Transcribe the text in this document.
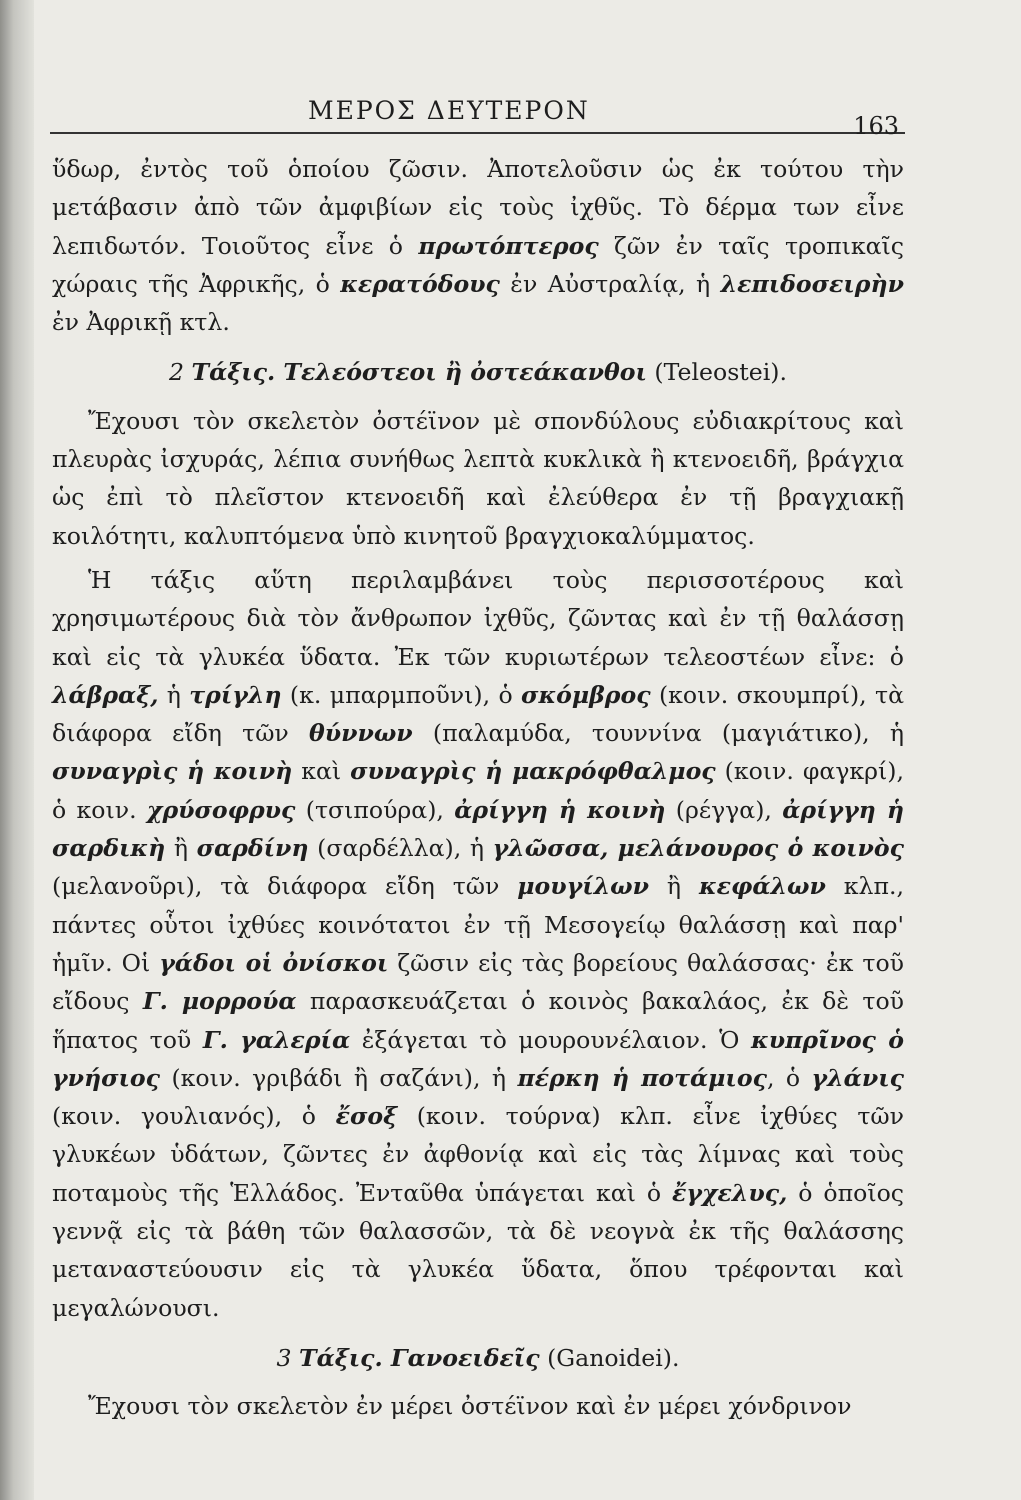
ΜΕΡΟΣ ΔΕΥΤΕΡΟΝ
163

ὕδωρ, ἐντὸς τοῦ ὁποίου ζῶσιν. Ἀποτελοῦσιν ὡς ἐκ τούτου τὴν μετάβασιν ἀπὸ τῶν ἀμφιβίων εἰς τοὺς ἰχθῦς. Τὸ δέρμα των εἶνε λεπιδωτόν. Τοιοῦτος εἶνε ὁ πρωτόπτερος ζῶν ἐν ταῖς τροπικαῖς χώραις τῆς Ἀφρικῆς, ὁ κερατόδους ἐν Αὐστραλίᾳ, ἡ λεπιδοσειρὴν ἐν Ἀφρικῇ κτλ.

2 Τάξις. Τελεόστεοι ἢ ὀστεάκανθοι (Teleostei).

Ἔχουσι τὸν σκελετὸν ὀστέϊνον μὲ σπονδύλους εὐδιακρίτους καὶ πλευρὰς ἰσχυράς, λέπια συνήθως λεπτὰ κυκλικὰ ἢ κτενοειδῆ, βράγχια ὡς ἐπὶ τὸ πλεῖστον κτενοειδῆ καὶ ἐλεύθερα ἐν τῇ βραγχιακῇ κοιλότητι, καλυπτόμενα ὑπὸ κινητοῦ βραγχιοκαλύμματος.

Ἡ τάξις αὕτη περιλαμβάνει τοὺς περισσοτέρους καὶ χρησιμωτέρους διὰ τὸν ἄνθρωπον ἰχθῦς, ζῶντας καὶ ἐν τῇ θαλάσσῃ καὶ εἰς τὰ γλυκέα ὕδατα. Ἐκ τῶν κυριωτέρων τελεοστέων εἶνε: ὁ λάβραξ, ἡ τρίγλη (κ. μπαρμποῦνι), ὁ σκόμβρος (κοιν. σκουμπρί), τὰ διάφορα εἴδη τῶν θύννων (παλαμύδα, τουννίνα (μαγιάτικο), ἡ συναγρὶς ἡ κοινὴ καὶ συναγρὶς ἡ μακρόφθαλμος (κοιν. φαγκρί), ὁ κοιν. χρύσοφρυς (τσιπούρα), ἀρίγγη ἡ κοινὴ (ρέγγα), ἀρίγγη ἡ σαρδικὴ ἢ σαρδίνη (σαρδέλλα), ἡ γλῶσσα, μελάνουρος ὁ κοινὸς (μελανοῦρι), τὰ διάφορα εἴδη τῶν μουγίλων ἢ κεφάλων κλπ., πάντες οὗτοι ἰχθύες κοινότατοι ἐν τῇ Μεσογείῳ θαλάσσῃ καὶ παρ' ἡμῖν. Οἱ γάδοι οἱ ὀνίσκοι ζῶσιν εἰς τὰς βορείους θαλάσσας· ἐκ τοῦ εἴδους Γ. μορρούα παρασκευάζεται ὁ κοινὸς βακαλάος, ἐκ δὲ τοῦ ἥπατος τοῦ Γ. γαλερία ἐξάγεται τὸ μουρουνέλαιον. Ὁ κυπρῖνος ὁ γνήσιος (κοιν. γριβάδι ἢ σαζάνι), ἡ πέρκη ἡ ποτάμιος, ὁ γλάνις (κοιν. γουλιανός), ὁ ἔσοξ (κοιν. τούρνα) κλπ. εἶνε ἰχθύες τῶν γλυκέων ὑδάτων, ζῶντες ἐν ἀφθονίᾳ καὶ εἰς τὰς λίμνας καὶ τοὺς ποταμοὺς τῆς Ἑλλάδος. Ἐνταῦθα ὑπάγεται καὶ ὁ ἔγχελυς, ὁ ὁποῖος γεννᾷ εἰς τὰ βάθη τῶν θαλασσῶν, τὰ δὲ νεογνὰ ἐκ τῆς θαλάσσης μεταναστεύουσιν εἰς τὰ γλυκέα ὕδατα, ὅπου τρέφονται καὶ μεγαλώνουσι.

3 Τάξις. Γανοειδεῖς (Ganoidei).

Ἔχουσι τὸν σκελετὸν ἐν μέρει ὀστέϊνον καὶ ἐν μέρει χόνδρινον
